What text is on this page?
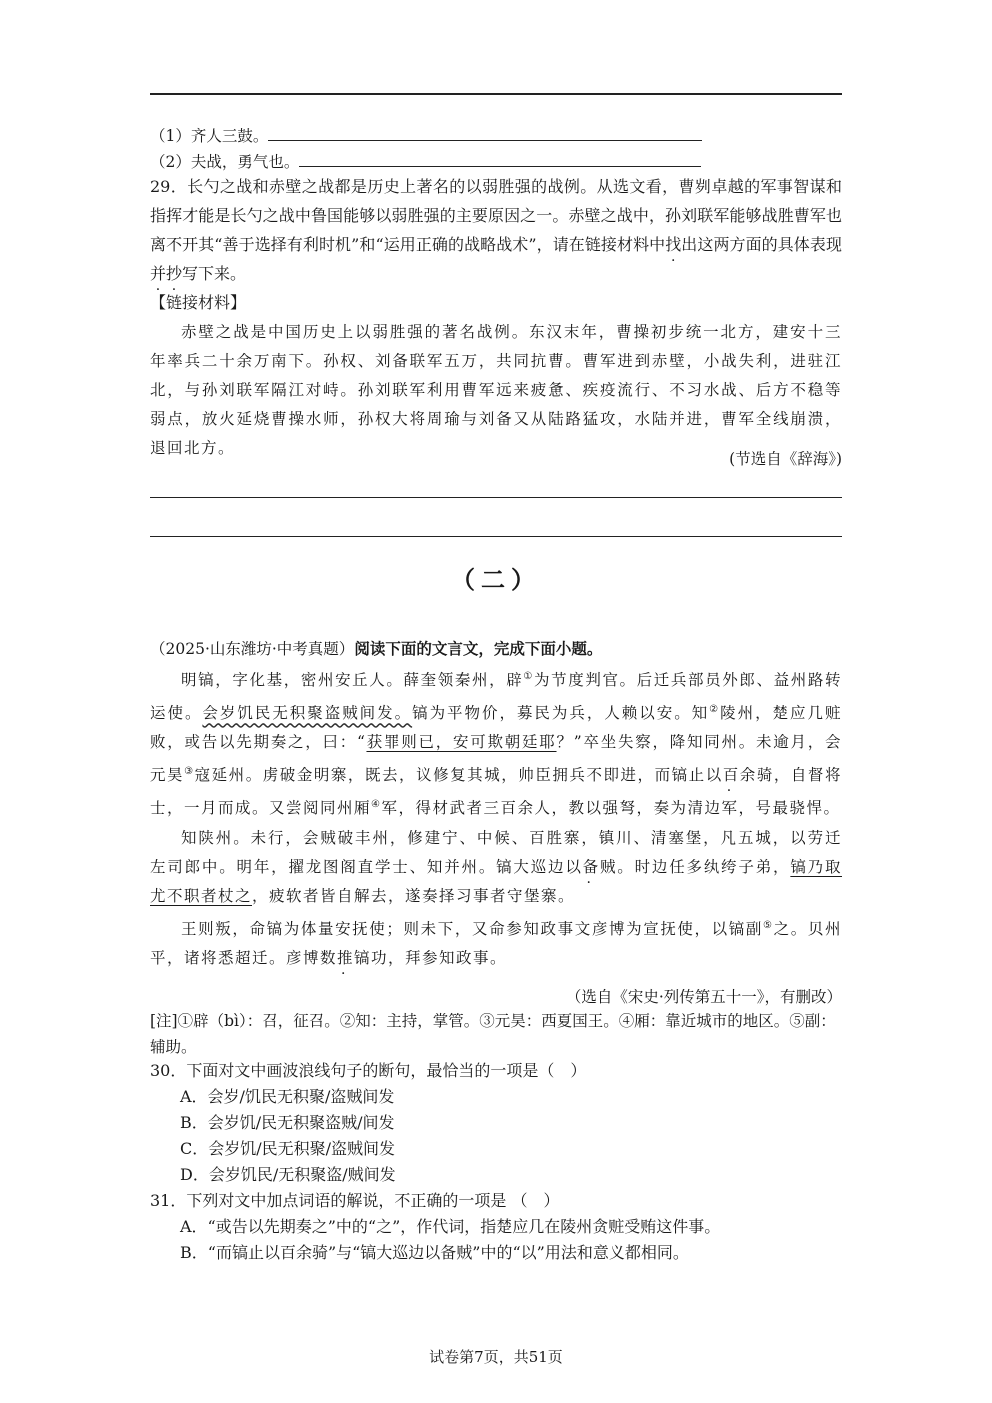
（1）齐人三鼓。
（2）夫战，勇气也。
29．长勺之战和赤壁之战都是历史上著名的以弱胜强的战例。从选文看，曹刿卓越的军事智谋和指挥才能是长勺之战中鲁国能够以弱胜强的主要原因之一。赤壁之战中，孙刘联军能够战胜曹军也离不开其“善于选择有利时机”和“运用正确的战略战术”，请在链接材料中找出这两方面的具体表现并抄写下来。
【链接材料】

赤壁之战是中国历史上以弱胜强的著名战例。东汉末年，曹操初步统一北方，建安十三年率兵二十余万南下。孙权、刘备联军五万，共同抗曹。曹军进到赤壁，小战失利，进驻江北，与孙刘联军隔江对峙。孙刘联军利用曹军远来疲惫、疾疫流行、不习水战、后方不稳等弱点，放火延烧曹操水师，孙权大将周瑜与刘备又从陆路猛攻，水陆并进，曹军全线崩溃，退回北方。

(节选自《辞海》)
（二）
（2025·山东潍坊·中考真题）阅读下面的文言文，完成下面小题。

明镐，字化基，密州安丘人。薛奎领秦州，辟①为节度判官。后迁兵部员外郎、益州路转运使。会岁饥民无积聚盗贼间发。镐为平物价，募民为兵，人赖以安。知②陵州，楚应几赃败，或告以先期奏之，曰：“获罪则已，安可欺朝廷耶？”卒坐失察，降知同州。未逾月，会元昊③寇延州。虏破金明寨，既去，议修复其城，帅臣拥兵不即进，而镐止以百余骑，自督将士，一月而成。又尝阅同州厢④军，得材武者三百余人，教以强弩，奏为清边军，号最骁悍。

知陕州。未行，会贼破丰州，修建宁、中候、百胜寨，镇川、清塞堡，凡五城，以劳迁左司郎中。明年，擢龙图阁直学士、知并州。镐大巡边以备贼。时边任多纨绔子弟，镐乃取尤不职者杖之，疲软者皆自解去，遂奏择习事者守堡寨。

王则叛，命镐为体量安抚使；则未下，又命参知政事文彦博为宣抚使，以镐副⑤之。贝州平，诸将悉超迁。彦博数推镐功，拜参知政事。

（选自《宋史·列传第五十一》，有删改）
[注]①辟（bì）：召，征召。②知：主持，掌管。③元昊：西夏国王。④厢：靠近城市的地区。⑤副：辅助。
30．下面对文中画波浪线句子的断句，最恰当的一项是（　）
A．会岁/饥民无积聚/盗贼间发
B．会岁饥/民无积聚盗贼/间发
C．会岁饥/民无积聚/盗贼间发
D．会岁饥民/无积聚盗/贼间发
31．下列对文中加点词语的解说，不正确的一项是 （　）
A．“或告以先期奏之”中的“之”，作代词，指楚应几在陵州贪赃受贿这件事。
B．“而镐止以百余骑”与“镐大巡边以备贼”中的“以”用法和意义都相同。
试卷第7页，共51页
